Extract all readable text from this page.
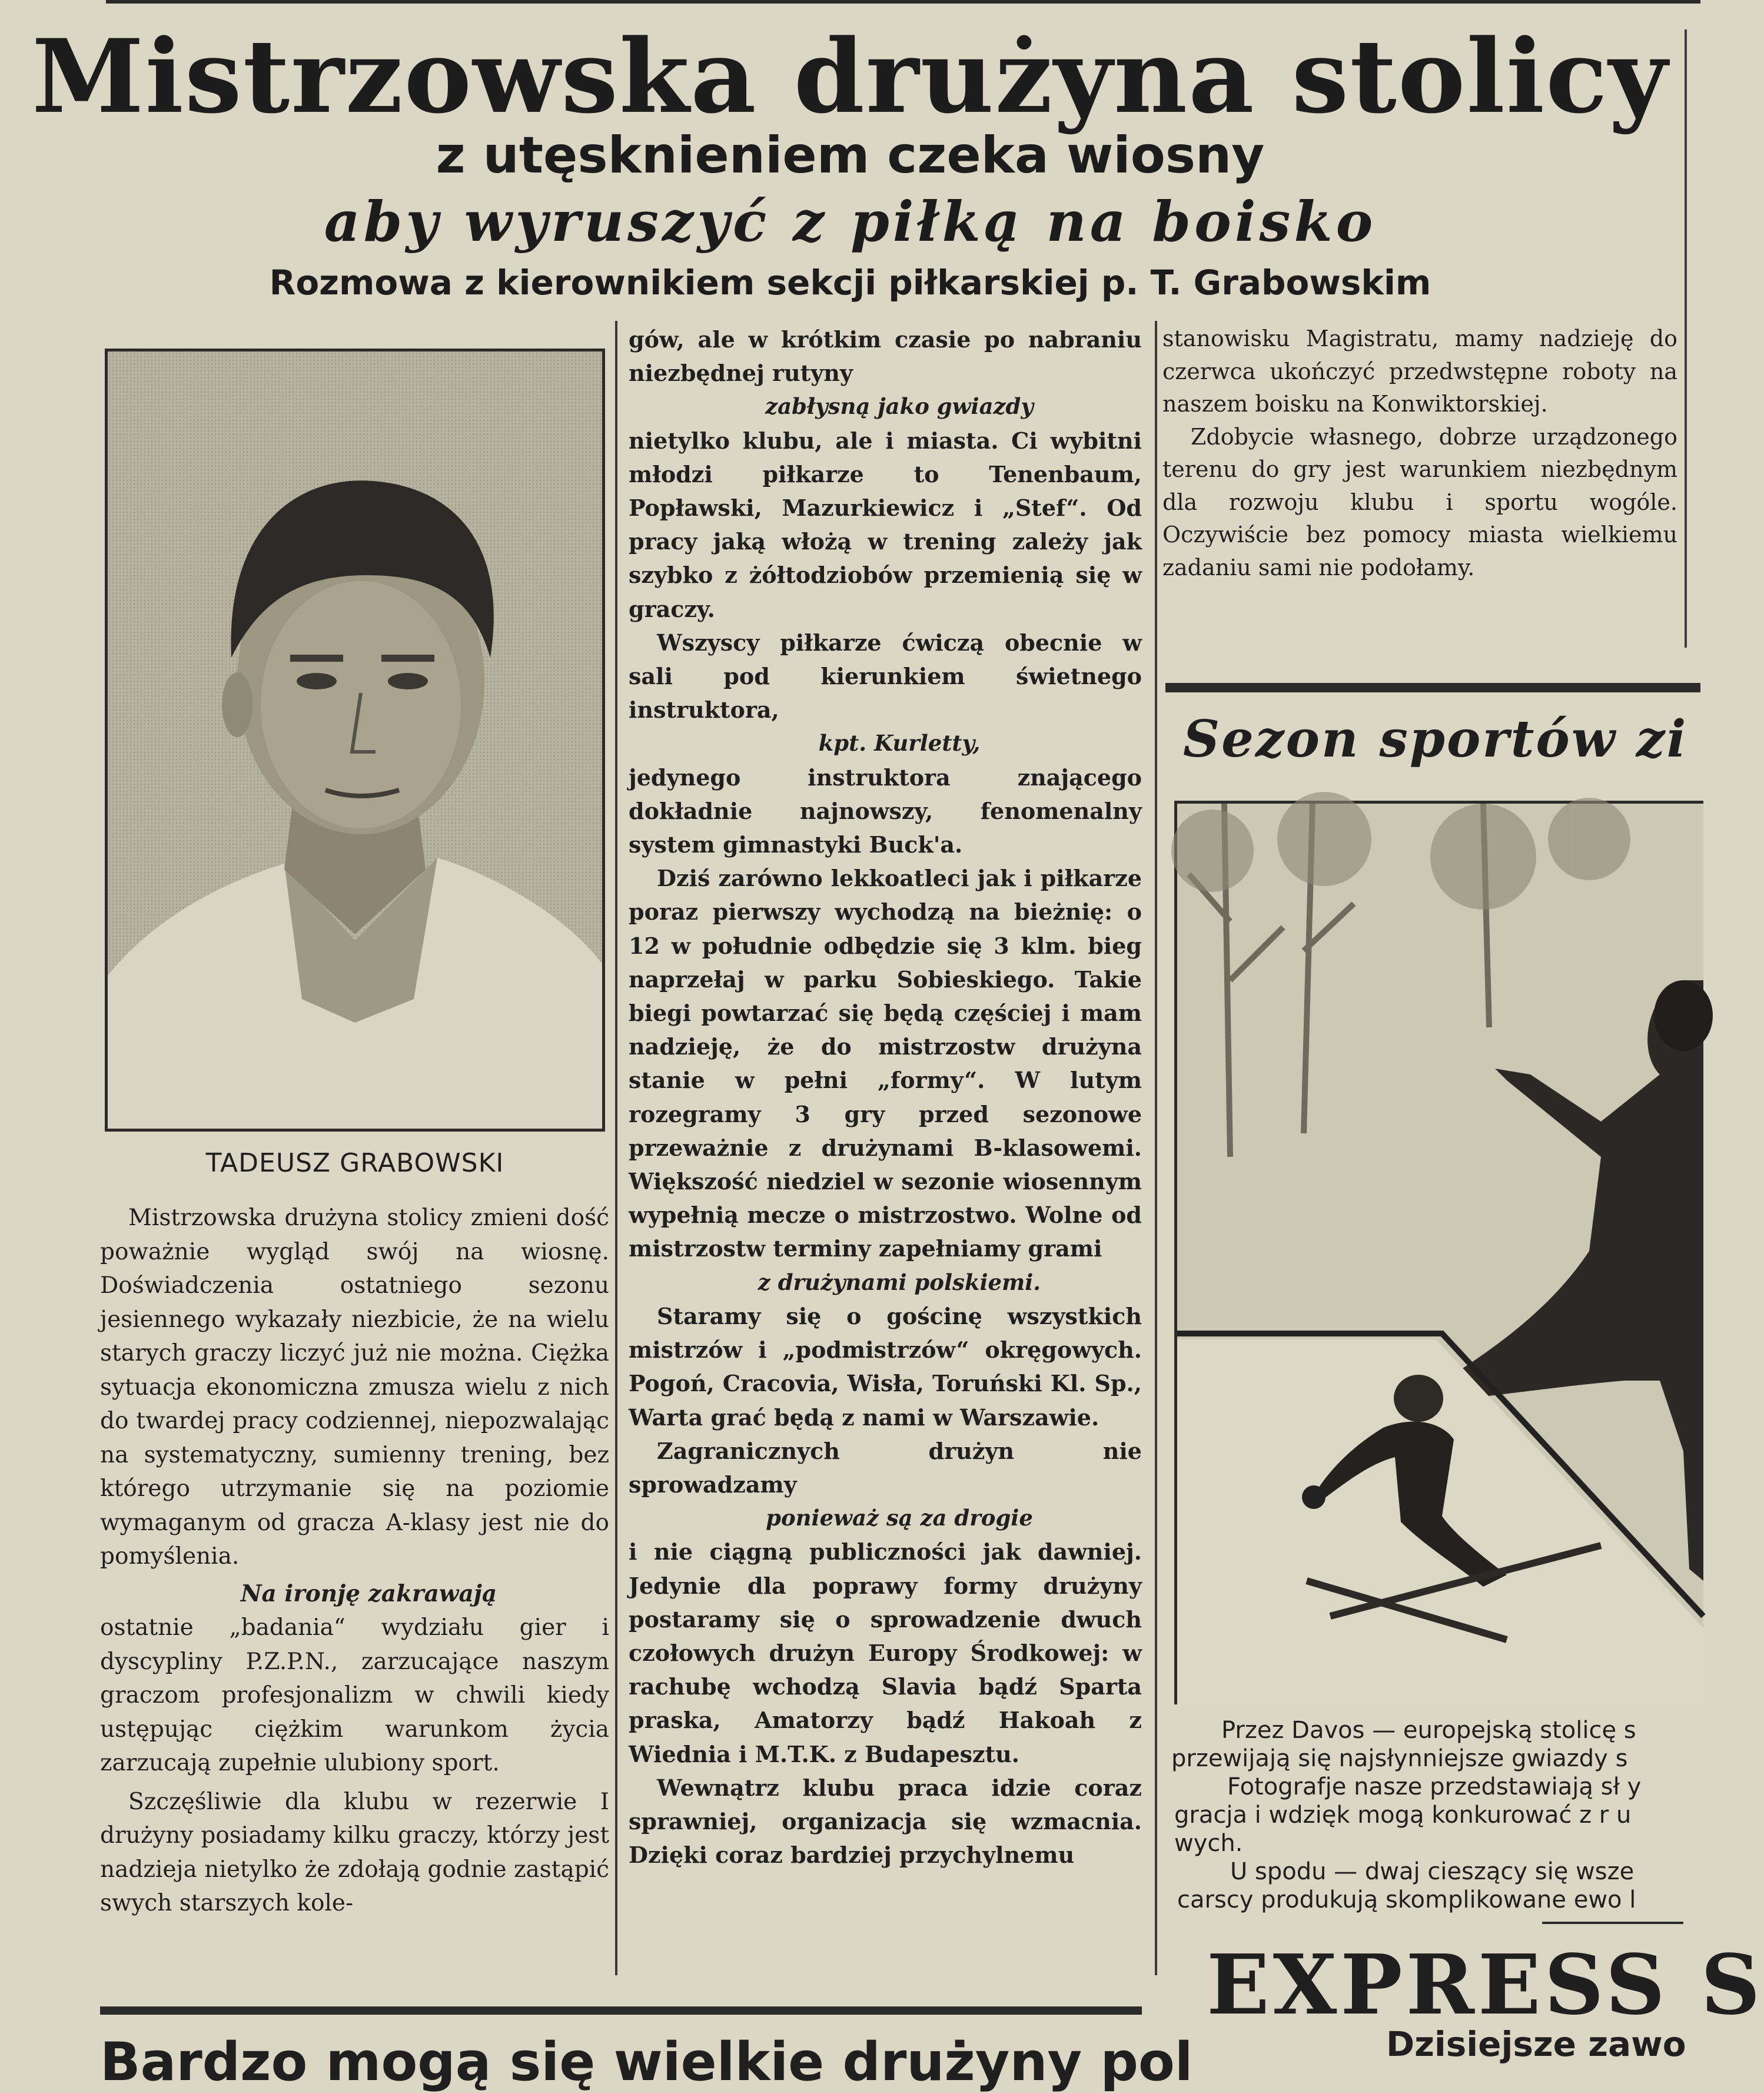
Mistrzowska drużyna stolicy
z utęsknieniem czeka wiosny
aby wyruszyć z piłką na boisko
Rozmowa z kierownikiem sekcji piłkarskiej p. T. Grabowskim
TADEUSZ GRABOWSKI

Mistrzowska drużyna stolicy zmieni dość poważnie wygląd swój na wiosnę. Doświadczenia ostatniego sezonu jesiennego wykazały niezbicie, że na wielu starych graczy liczyć już nie można. Ciężka sytuacja ekonomiczna zmusza wielu z nich do twardej pracy codziennej, niepozwalając na systematyczny, sumienny trening, bez którego utrzymanie się na poziomie wymaganym od gracza A-klasy jest nie do pomyślenia.

Na ironję zakrawają

ostatnie „badania“ wydziału gier i dyscypliny P.Z.P.N., zarzucające naszym graczom profesjonalizm w chwili kiedy ustępując ciężkim warunkom życia zarzucają zupełnie ulubiony sport.

Szczęśliwie dla klubu w rezerwie I drużyny posiadamy kilku graczy, którzy jest nadzieja nietylko że zdołają godnie zastąpić swych starszych kole-

gów, ale w krótkim czasie po nabraniu niezbędnej rutyny

zabłysną jako gwiazdy

nietylko klubu, ale i miasta. Ci wybitni młodzi piłkarze to Tenenbaum, Popławski, Mazurkiewicz i „Stef“. Od pracy jaką włożą w trening zależy jak szybko z żółtodziobów przemienią się w graczy.

Wszyscy piłkarze ćwiczą obecnie w sali pod kierunkiem świetnego instruktora,

kpt. Kurletty,

jedynego instruktora znającego dokładnie najnowszy, fenomenalny system gimnastyki Buck'a.

Dziś zarówno lekkoatleci jak i piłkarze poraz pierwszy wychodzą na bieżnię: o 12 w południe odbędzie się 3 klm. bieg naprzełaj w parku Sobieskiego. Takie biegi powtarzać się będą częściej i mam nadzieję, że do mistrzostw drużyna stanie w pełni „formy“. W lutym rozegramy 3 gry przed sezonowe przeważnie z drużynami B-klasowemi. Większość niedziel w sezonie wiosennym wypełnią mecze o mistrzostwo. Wolne od mistrzostw terminy zapełniamy grami

z drużynami polskiemi.

Staramy się o gościnę wszystkich mistrzów i „podmistrzów“ okręgowych. Pogoń, Cracovia, Wisła, Toruński Kl. Sp., Warta grać będą z nami w Warszawie.

Zagranicznych drużyn nie sprowadzamy

ponieważ są za drogie

i nie ciągną publiczności jak dawniej. Jedynie dla poprawy formy drużyny postaramy się o sprowadzenie dwuch czołowych drużyn Europy Środkowej: w rachubę wchodzą Slavia bądź Sparta praska, Amatorzy bądź Hakoah z Wiednia i M.T.K. z Budapesztu.

Wewnątrz klubu praca idzie coraz sprawniej, organizacja się wzmacnia. Dzięki coraz bardziej przychylnemu

stanowisku Magistratu, mamy nadzieję do czerwca ukończyć przedwstępne roboty na naszem boisku na Konwiktorskiej.

Zdobycie własnego, dobrze urządzonego terenu do gry jest warunkiem niezbędnym dla rozwoju klubu i sportu wogóle. Oczywiście bez pomocy miasta wielkiemu zadaniu sami nie podołamy.

Sezon sportów zi
Przez Davos — europejską stolicę s
przewijają się najsłynniejsze gwiazdy s
Fotografje nasze przedstawiają sł y
gracja i wdzięk mogą konkurować z r u
wych.
U spodu — dwaj cieszący się wsze
carscy produkują skomplikowane ewo l
EXPRESS S
Dzisiejsze zawo
Bardzo mogą się wielkie drużyny pol
